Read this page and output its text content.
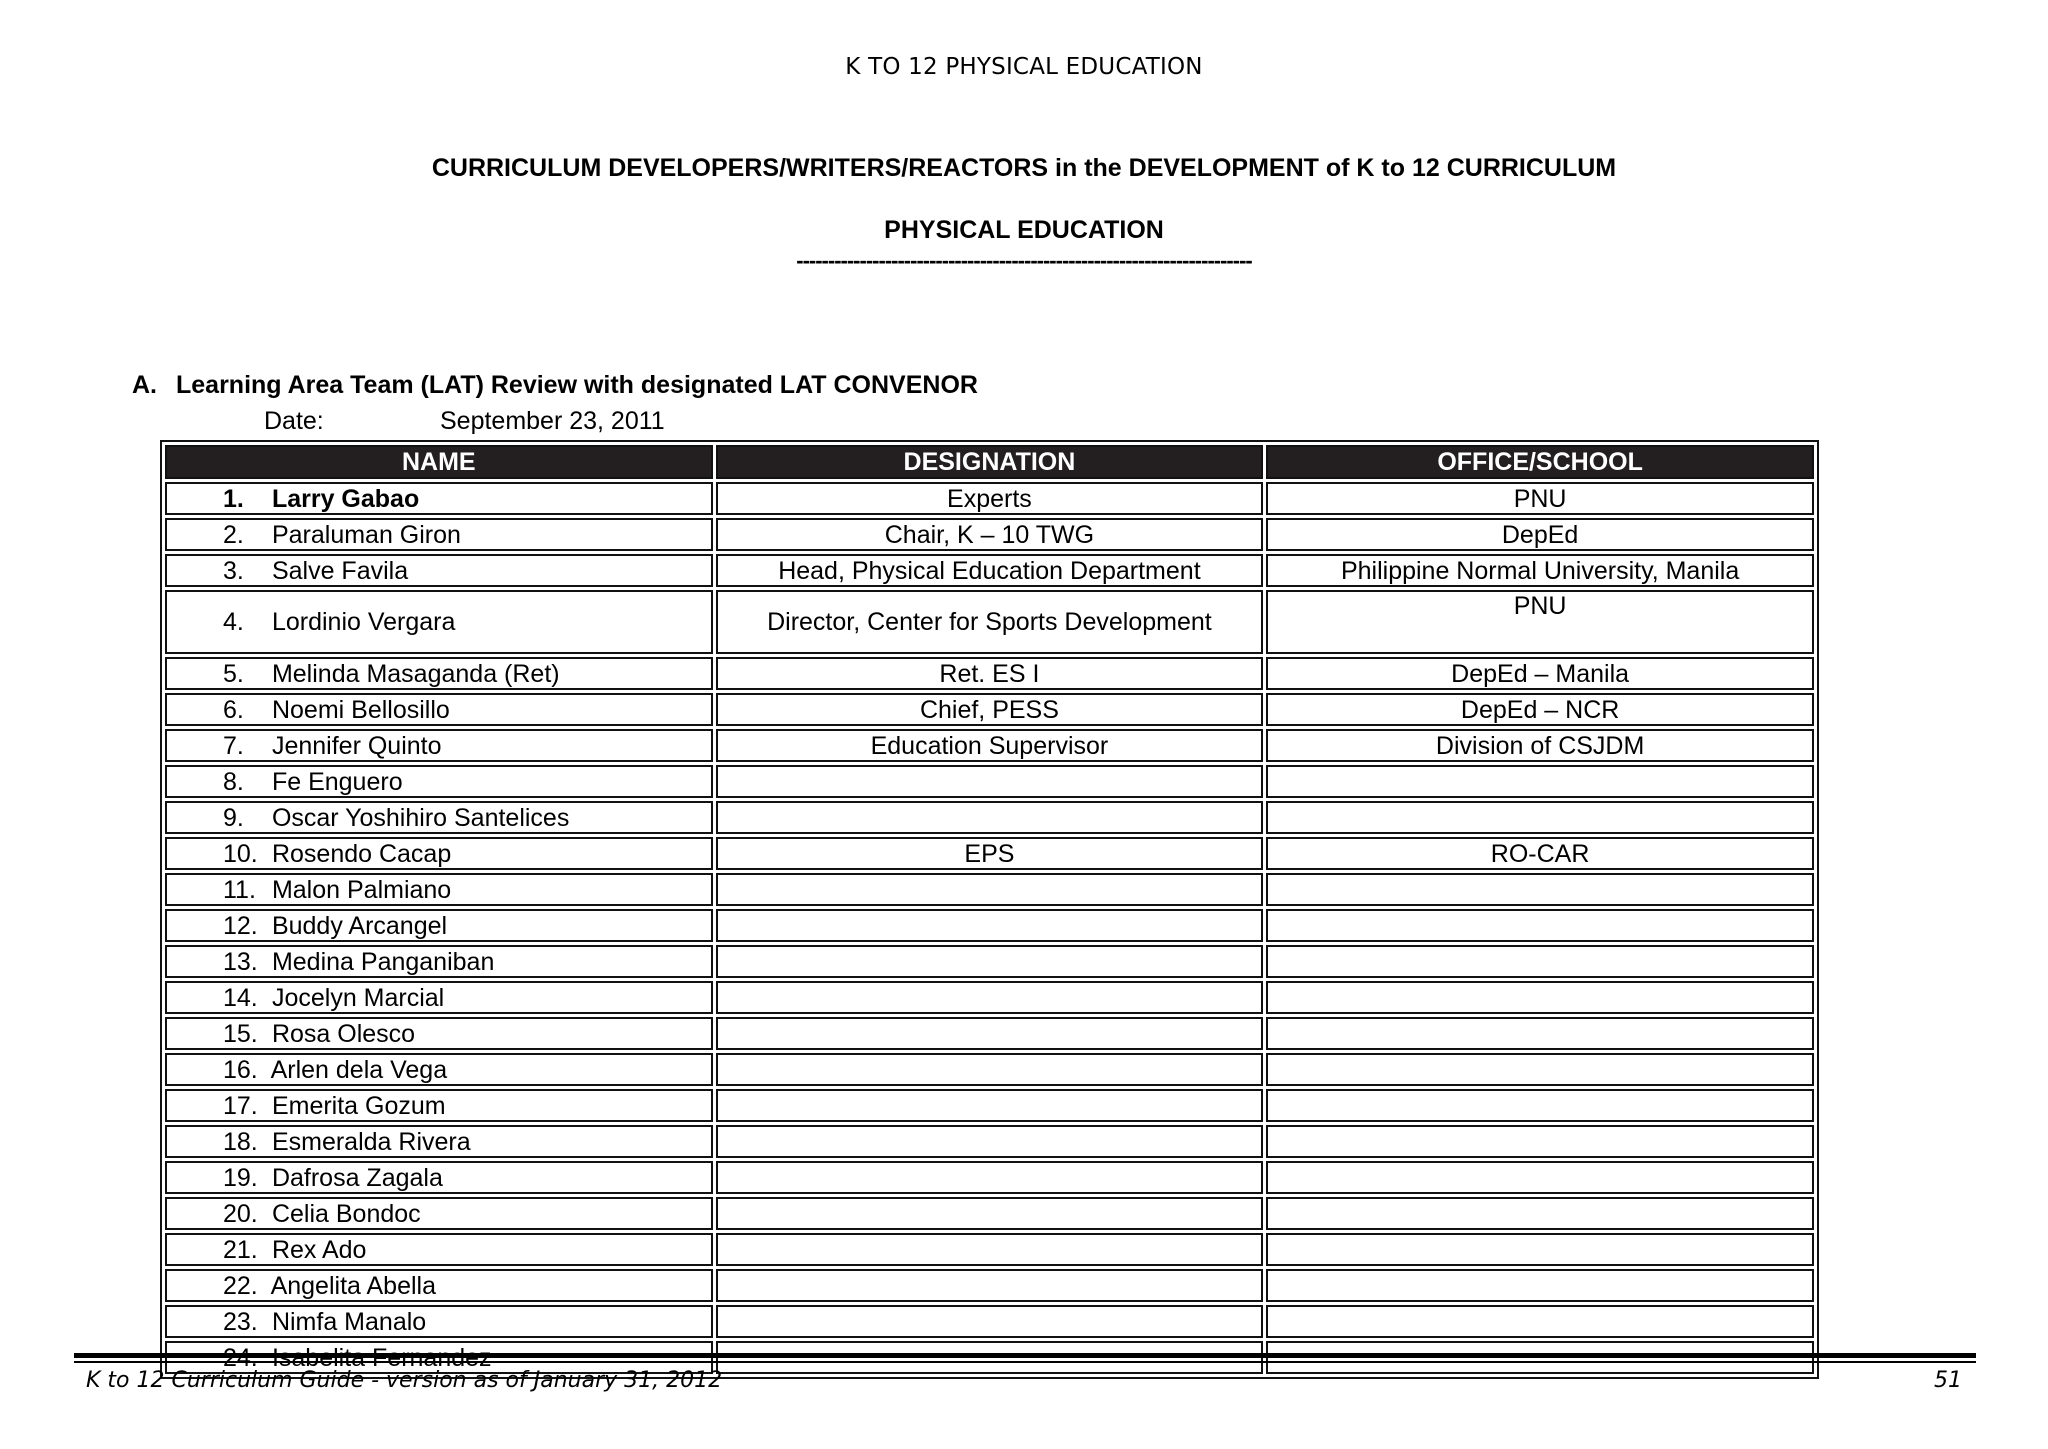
K TO 12 PHYSICAL EDUCATION
CURRICULUM DEVELOPERS/WRITERS/REACTORS in the DEVELOPMENT of K to 12 CURRICULUM
PHYSICAL EDUCATION
------------------------------------------------------------------------
A. Learning Area Team (LAT) Review with designated LAT CONVENOR
Date:	September 23, 2011
NAME	DESIGNATION	OFFICE/SCHOOL
1. Larry Gabao	Experts	PNU
2. Paraluman Giron	Chair, K – 10 TWG	DepEd
3. Salve Favila	Head, Physical Education Department	Philippine Normal University, Manila
4. Lordinio Vergara	Director, Center for Sports Development	PNU
5. Melinda Masaganda (Ret)	Ret. ES I	DepEd – Manila
6. Noemi Bellosillo	Chief, PESS	DepEd – NCR
7. Jennifer Quinto	Education Supervisor	Division of CSJDM
8. Fe Enguero		
9. Oscar Yoshihiro Santelices		
10. Rosendo Cacap	EPS	RO-CAR
11. Malon Palmiano		
12. Buddy Arcangel		
13. Medina Panganiban		
14. Jocelyn Marcial		
15. Rosa Olesco		
16. Arlen dela Vega		
17. Emerita Gozum		
18. Esmeralda Rivera		
19. Dafrosa Zagala		
20. Celia Bondoc		
21. Rex Ado		
22. Angelita Abella		
23. Nimfa Manalo		
24. Isabelita Fernandez		
K to 12 Curriculum Guide - version as of January 31, 2012	51
